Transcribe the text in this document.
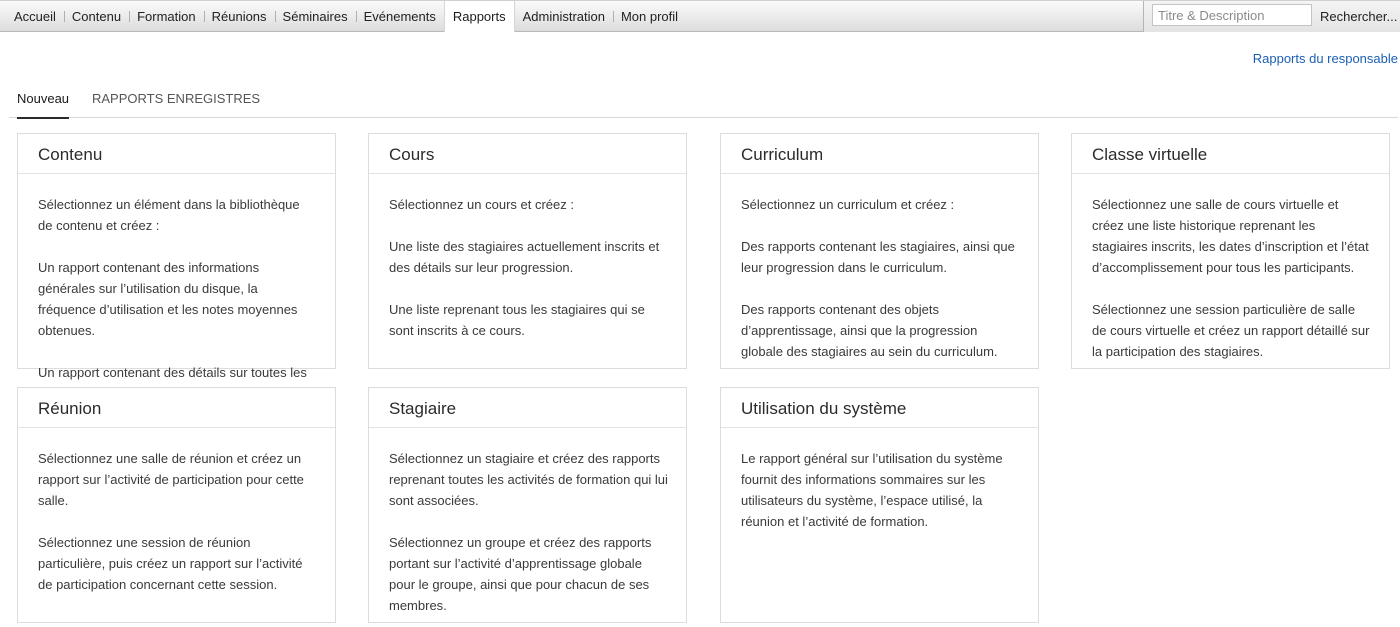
Accueil	Contenu	Formation	Réunions	Séminaires	Evénements	Rapports	Administration	Mon profil
Titre & Description	Rechercher...
Rapports du responsable
Nouveau RAPPORTS ENREGISTRES
Contenu

Sélectionnez un élément dans la bibliothèque de contenu et créez :

Un rapport contenant des informations générales sur l’utilisation du disque, la fréquence d’utilisation et les notes moyennes obtenues.

Un rapport contenant des détails sur toutes les

Cours

Sélectionnez un cours et créez :

Une liste des stagiaires actuellement inscrits et des détails sur leur progression.

Une liste reprenant tous les stagiaires qui se sont inscrits à ce cours.

Curriculum

Sélectionnez un curriculum et créez :

Des rapports contenant les stagiaires, ainsi que leur progression dans le curriculum.

Des rapports contenant des objets d’apprentissage, ainsi que la progression globale des stagiaires au sein du curriculum.

Classe virtuelle

Sélectionnez une salle de cours virtuelle et créez une liste historique reprenant les stagiaires inscrits, les dates d’inscription et l’état d’accomplissement pour tous les participants.

Sélectionnez une session particulière de salle de cours virtuelle et créez un rapport détaillé sur la participation des stagiaires.

Réunion

Sélectionnez une salle de réunion et créez un rapport sur l’activité de participation pour cette salle.

Sélectionnez une session de réunion particulière, puis créez un rapport sur l’activité de participation concernant cette session.

Stagiaire

Sélectionnez un stagiaire et créez des rapports reprenant toutes les activités de formation qui lui sont associées.

Sélectionnez un groupe et créez des rapports portant sur l’activité d’apprentissage globale pour le groupe, ainsi que pour chacun de ses membres.

Utilisation du système

Le rapport général sur l’utilisation du système fournit des informations sommaires sur les utilisateurs du système, l’espace utilisé, la réunion et l’activité de formation.
